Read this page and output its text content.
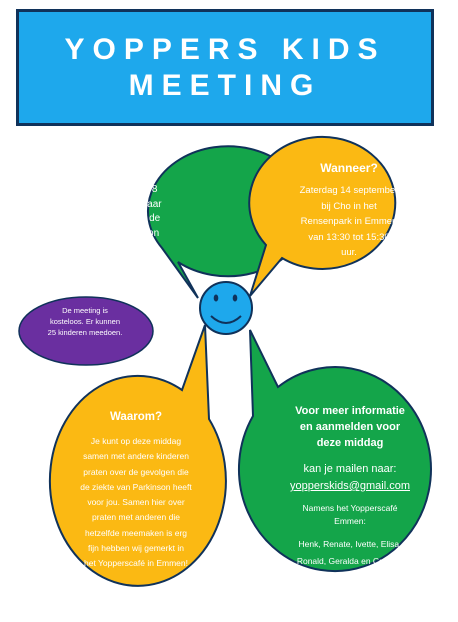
YOPPERS KIDS
MEETING
Voor wie?
Voor kinderen van 8
jaar tot en met 25 jaar
met een ouder die de
ziekte van Parkinson
heeft.
Wanneer?
Zaterdag 14 september
bij Cho in het
Rensenpark in Emmen
van 13:30 tot 15:30
uur.
De meeting is
kosteloos. Er kunnen
25 kinderen meedoen.
Waarom?
Je kunt op deze middag
samen met andere kinderen
praten over de gevolgen die
de ziekte van Parkinson heeft
voor jou. Samen hier over
praten met anderen die
hetzelfde meemaken is erg
fijn hebben wij gemerkt in
het Yopperscafé in Emmen!
Voor meer informatie
en aanmelden voor
deze middag
kan je mailen naar:
yopperskids@gmail.com
Namens het Yopperscafé
Emmen:
Henk, Renate, Ivette, Elisa,
Ronald, Geralda en Carmen
